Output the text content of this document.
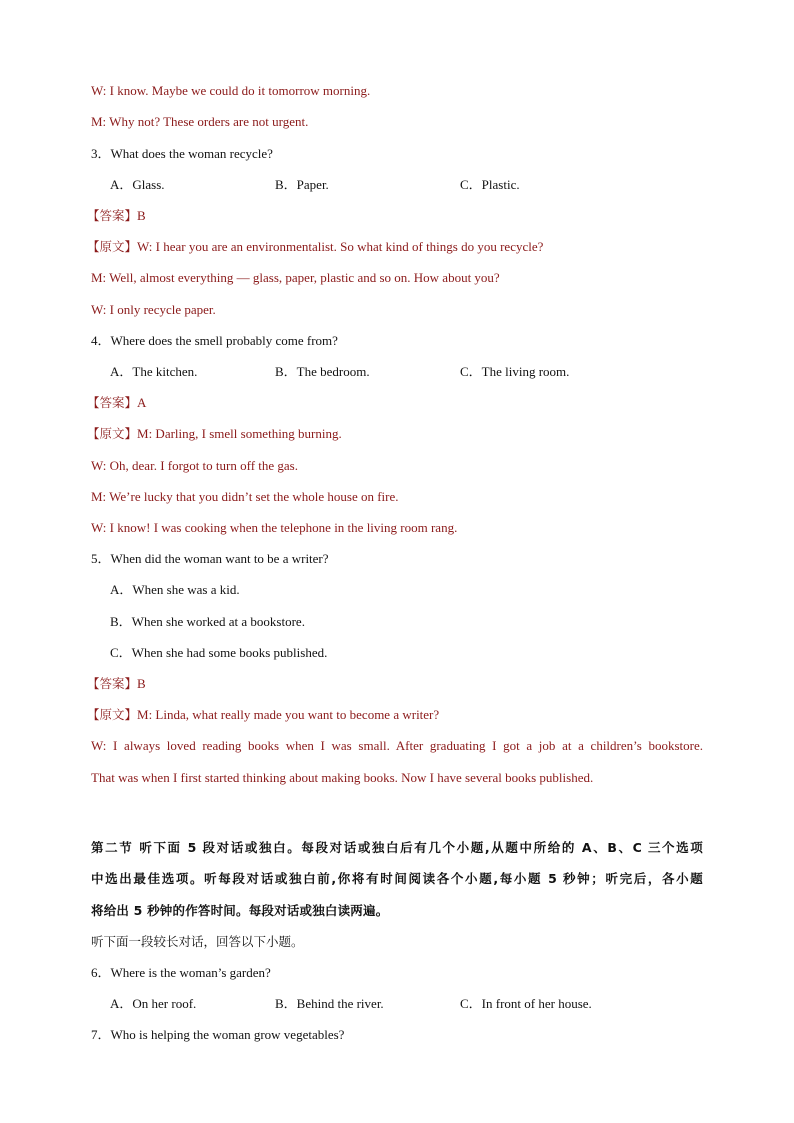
W: I know. Maybe we could do it tomorrow morning.
M: Why not? These orders are not urgent.
3．What does the woman recycle?
A．Glass.	B．Paper.	C．Plastic.
【答案】B
【原文】W: I hear you are an environmentalist. So what kind of things do you recycle?
M: Well, almost everything — glass, paper, plastic and so on. How about you?
W: I only recycle paper.
4．Where does the smell probably come from?
A．The kitchen.	B．The bedroom.	C．The living room.
【答案】A
【原文】M: Darling, I smell something burning.
W: Oh, dear. I forgot to turn off the gas.
M: We’re lucky that you didn’t set the whole house on fire.
W: I know! I was cooking when the telephone in the living room rang.
5．When did the woman want to be a writer?
A．When she was a kid.
B．When she worked at a bookstore.
C．When she had some books published.
【答案】B
【原文】M: Linda, what really made you want to become a writer?
W: I always loved reading books when I was small. After graduating I got a job at a children’s bookstore.
That was when I first started thinking about making books. Now I have several books published.
第二节 听下面 5 段对话或独白。每段对话或独白后有几个小题,从题中所给的 A、B、C 三个选项
中选出最佳选项。听每段对话或独白前,你将有时间阅读各个小题,每小题 5 秒钟；听完后，各小题
将给出 5 秒钟的作答时间。每段对话或独白读两遍。
听下面一段较长对话，回答以下小题。
6．Where is the woman’s garden?
A．On her roof.	B．Behind the river.	C．In front of her house.
7．Who is helping the woman grow vegetables?
